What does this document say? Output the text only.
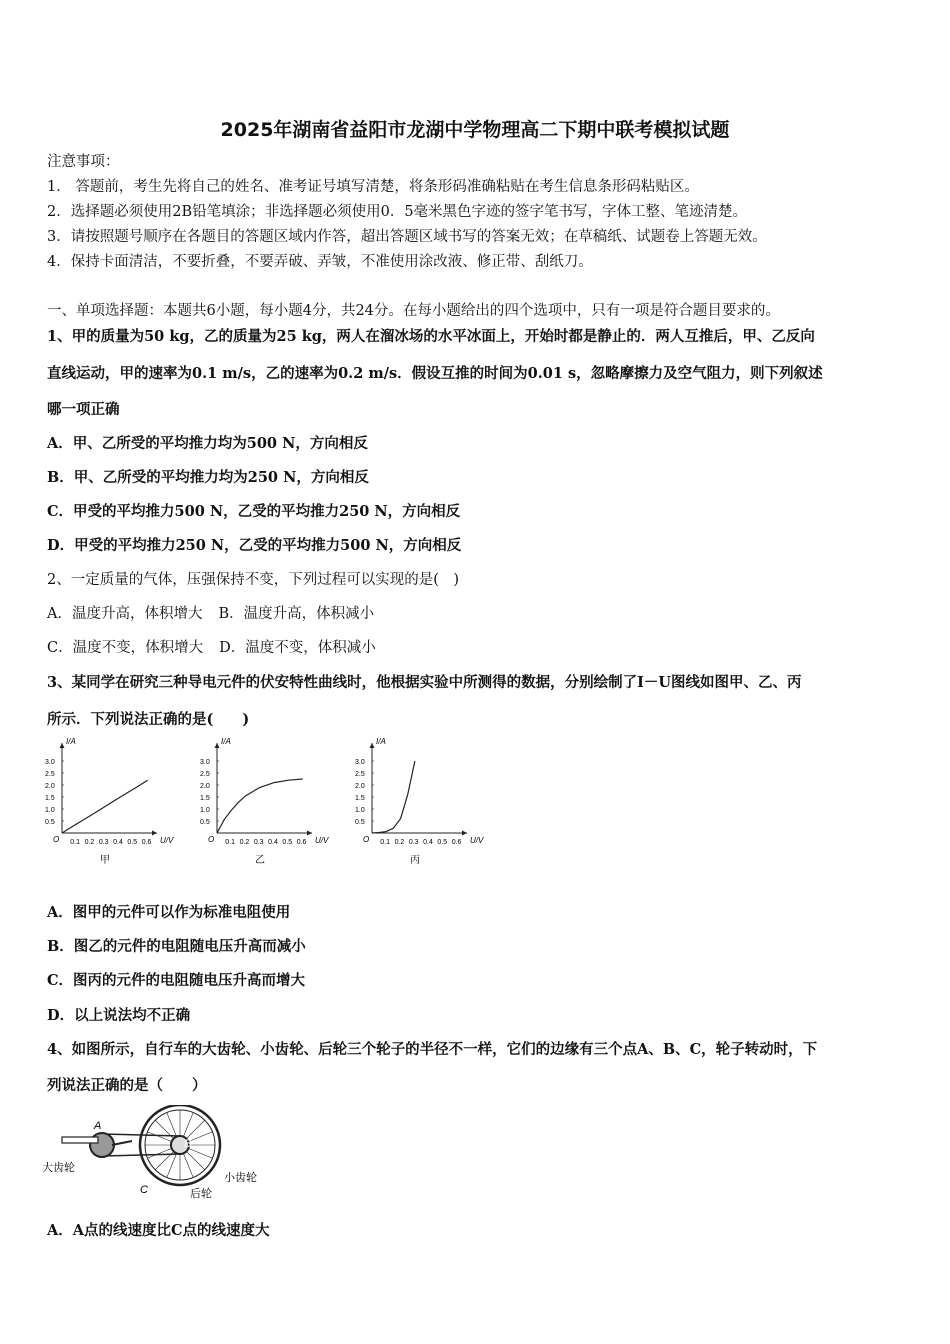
2025年湖南省益阳市龙湖中学物理高二下期中联考模拟试题
注意事项：
1． 答题前，考生先将自己的姓名、准考证号填写清楚，将条形码准确粘贴在考生信息条形码粘贴区。
2．选择题必须使用2B铅笔填涂；非选择题必须使用0．5毫米黑色字迹的签字笔书写，字体工整、笔迹清楚。
3．请按照题号顺序在各题目的答题区域内作答，超出答题区域书写的答案无效；在草稿纸、试题卷上答题无效。
4．保持卡面清洁，不要折叠，不要弄破、弄皱，不准使用涂改液、修正带、刮纸刀。
一、单项选择题：本题共6小题，每小题4分，共24分。在每小题给出的四个选项中，只有一项是符合题目要求的。
1、甲的质量为50 kg，乙的质量为25 kg，两人在溜冰场的水平冰面上，开始时都是静止的．两人互推后，甲、乙反向
直线运动，甲的速率为0.1 m/s，乙的速率为0.2 m/s．假设互推的时间为0.01 s，忽略摩擦力及空气阻力，则下列叙述
哪一项正确
A．甲、乙所受的平均推力均为500 N，方向相反
B．甲、乙所受的平均推力均为250 N，方向相反
C．甲受的平均推力500 N，乙受的平均推力250 N，方向相反
D．甲受的平均推力250 N，乙受的平均推力500 N，方向相反
2、一定质量的气体，压强保持不变，下列过程可以实现的是(　)
A．温度升高，体积增大 B．温度升高，体积减小
C．温度不变，体积增大 D．温度不变，体积减小
3、某同学在研究三种导电元件的伏安特性曲线时，他根据实验中所测得的数据，分别绘制了I－U图线如图甲、乙、丙
所示．下列说法正确的是(　　)
I/A
U/V
O 0.1 0.2 0.3 0.4 0.5 0.6
0.5
1.0
1.5
2.0
2.5
3.0
甲
I/A
U/V
O 0.1 0.2 0.3 0.4 0.5 0.6
0.5
1.0
1.5
2.0
2.5
3.0
乙
I/A
U/V
O 0.1 0.2 0.3 0.4 0.5 0.6
0.5
1.0
1.5
2.0
2.5
3.0
丙
A．图甲的元件可以作为标准电阻使用
B．图乙的元件的电阻随电压升高而减小
C．图丙的元件的电阻随电压升高而增大
D．以上说法均不正确
4、如图所示，自行车的大齿轮、小齿轮、后轮三个轮子的半径不一样，它们的边缘有三个点A、B、C，轮子转动时，下
列说法正确的是（　　）
A
B
C
大齿轮
小齿轮
后轮
A．A点的线速度比C点的线速度大
